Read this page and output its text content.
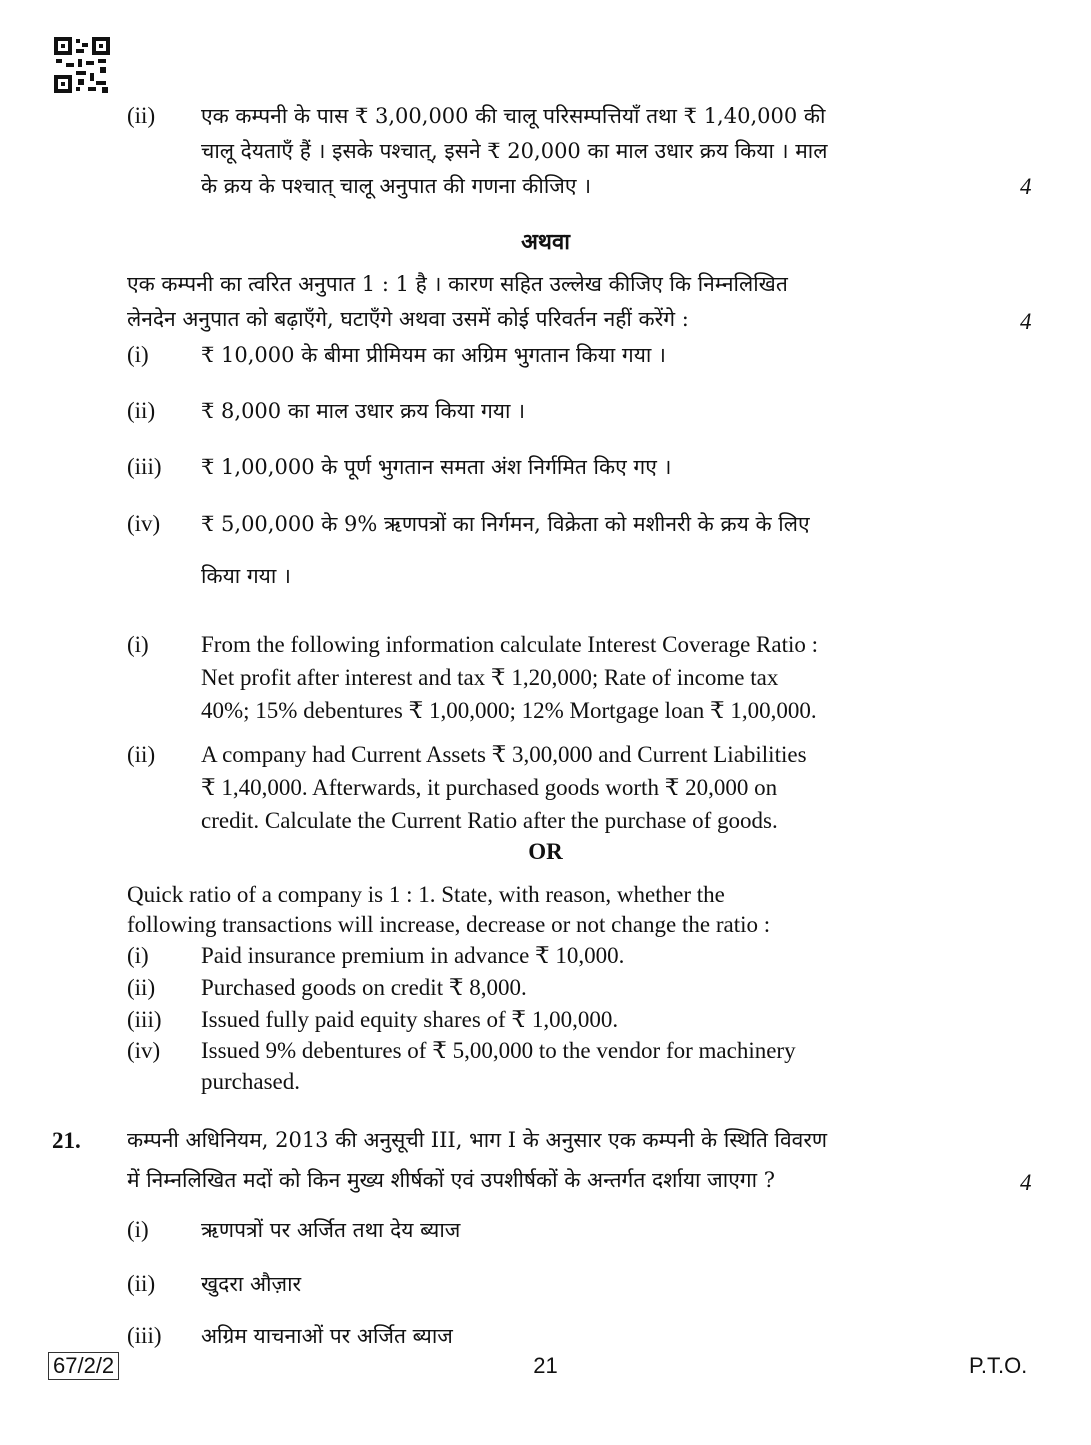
(ii) एक कम्पनी के पास ₹ 3,00,000 की चालू परिसम्पत्तियाँ तथा ₹ 1,40,000 की
चालू देयताएँ हैं । इसके पश्चात्, इसने ₹ 20,000 का माल उधार क्रय किया । माल
के क्रय के पश्चात् चालू अनुपात की गणना कीजिए ।	4
अथवा
एक कम्पनी का त्वरित अनुपात 1 : 1 है । कारण सहित उल्लेख कीजिए कि निम्नलिखित
लेनदेन अनुपात को बढ़ाएँगे, घटाएँगे अथवा उसमें कोई परिवर्तन नहीं करेंगे :	4
(i) ₹ 10,000 के बीमा प्रीमियम का अग्रिम भुगतान किया गया ।
(ii) ₹ 8,000 का माल उधार क्रय किया गया ।
(iii) ₹ 1,00,000 के पूर्ण भुगतान समता अंश निर्गमित किए गए ।
(iv) ₹ 5,00,000 के 9% ऋणपत्रों का निर्गमन, विक्रेता को मशीनरी के क्रय के लिए
किया गया ।
(i) From the following information calculate Interest Coverage Ratio :
Net profit after interest and tax ₹ 1,20,000; Rate of income tax
40%; 15% debentures ₹ 1,00,000; 12% Mortgage loan ₹ 1,00,000.
(ii) A company had Current Assets ₹ 3,00,000 and Current Liabilities
₹ 1,40,000. Afterwards, it purchased goods worth ₹ 20,000 on
credit. Calculate the Current Ratio after the purchase of goods.
OR
Quick ratio of a company is 1 : 1. State, with reason, whether the
following transactions will increase, decrease or not change the ratio :
(i) Paid insurance premium in advance ₹ 10,000.
(ii) Purchased goods on credit ₹ 8,000.
(iii) Issued fully paid equity shares of ₹ 1,00,000.
(iv) Issued 9% debentures of ₹ 5,00,000 to the vendor for machinery
purchased.
21. कम्पनी अधिनियम, 2013 की अनुसूची III, भाग I के अनुसार एक कम्पनी के स्थिति विवरण
में निम्नलिखित मदों को किन मुख्य शीर्षकों एवं उपशीर्षकों के अन्तर्गत दर्शाया जाएगा ?	4
(i) ऋणपत्रों पर अर्जित तथा देय ब्याज
(ii) खुदरा औज़ार
(iii) अग्रिम याचनाओं पर अर्जित ब्याज
67/2/2	21	P.T.O.
